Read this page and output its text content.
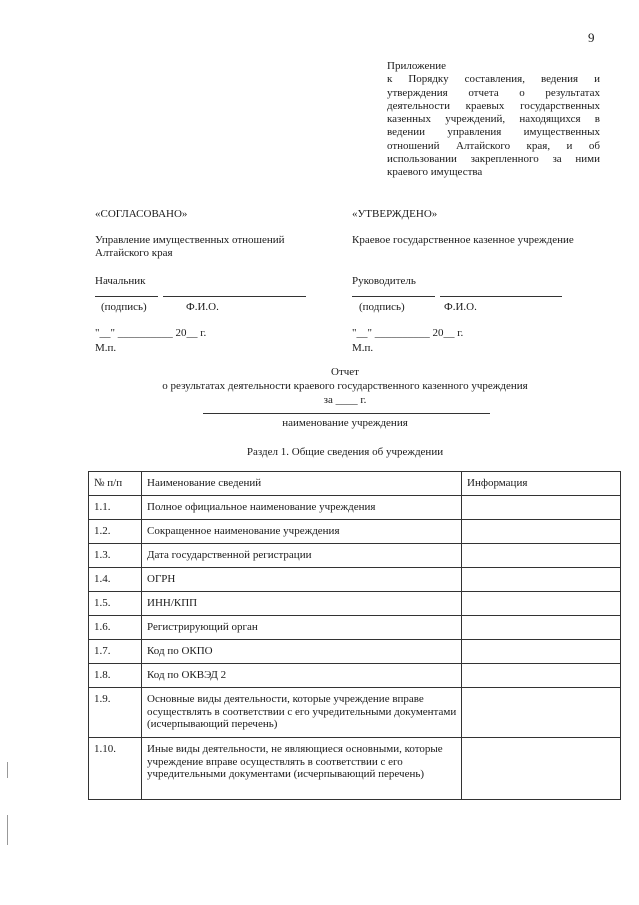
9
Приложение
к Порядку составления, ведения и
утверждения отчета о результатах
деятельности краевых государственных
казенных учреждений, находящихся в
ведении управления имущественных
отношений Алтайского края, и об
использовании закрепленного за ними
краевого имущества
«СОГЛАСОВАНО»
Управление имущественных отношений
Алтайского края
Начальник
(подпись)	Ф.И.О.
"__" __________ 20__ г.
М.п.
«УТВЕРЖДЕНО»
Краевое государственное казенное учреждение
Руководитель
(подпись)	Ф.И.О.
"__" __________ 20__ г.
М.п.
Отчет
о результатах деятельности краевого государственного казенного учреждения
за ____ г.
наименование учреждения
Раздел 1. Общие сведения об учреждении
№ п/п	Наименование сведений	Информация
1.1.	Полное официальное наименование учреждения	
1.2.	Сокращенное наименование учреждения	
1.3.	Дата государственной регистрации	
1.4.	ОГРН	
1.5.	ИНН/КПП	
1.6.	Регистрирующий орган	
1.7.	Код по ОКПО	
1.8.	Код по ОКВЭД 2	
1.9.	Основные виды деятельности, которые учреждение вправе осуществлять в соответствии с его учредительными документами (исчерпывающий перечень)	
1.10.	Иные виды деятельности, не являющиеся основными, которые учреждение вправе осуществлять в соответствии с его учредительными документами (исчерпывающий перечень)	
